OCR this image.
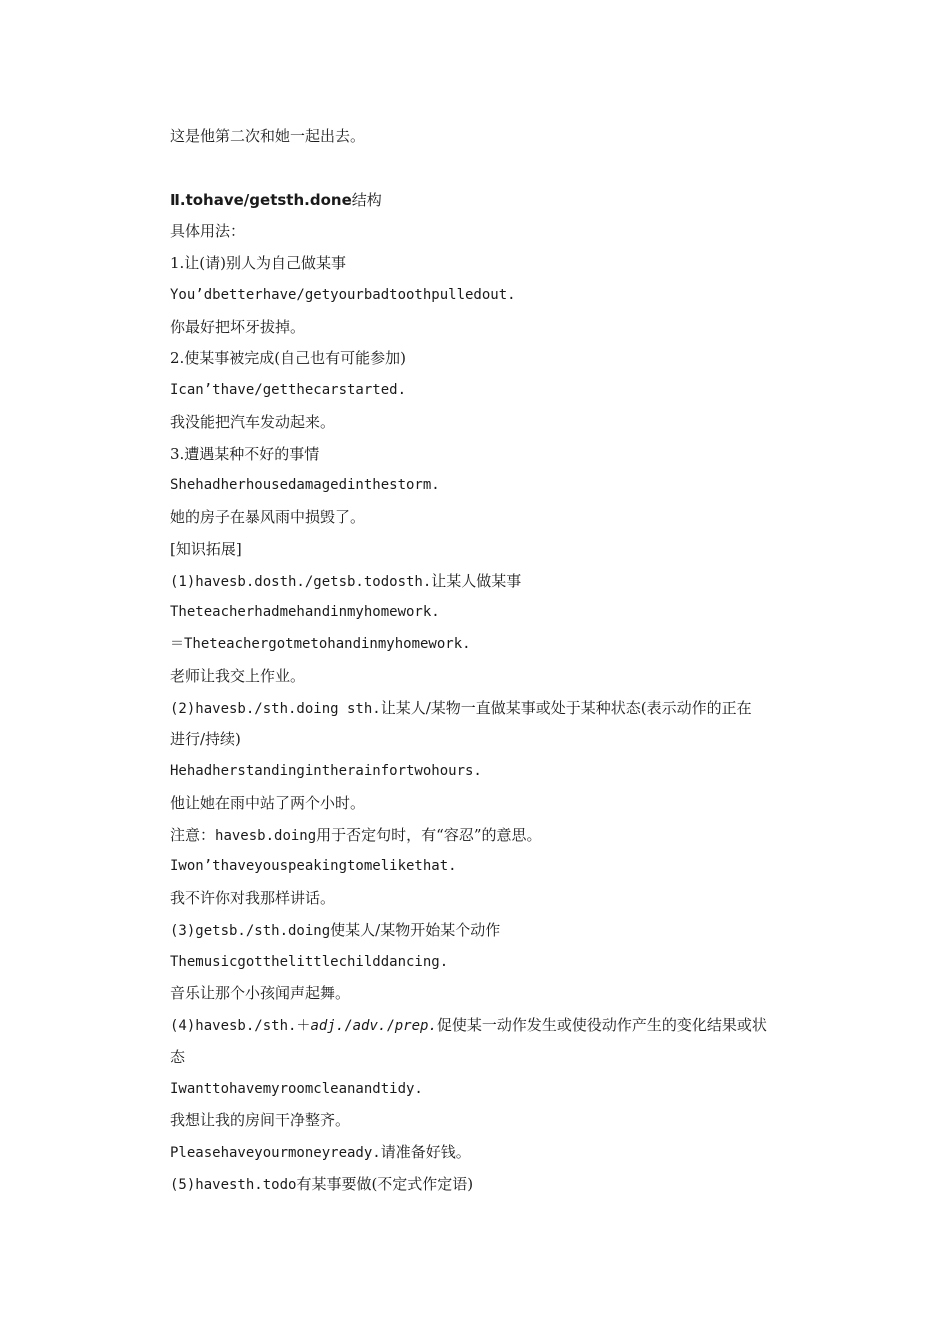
这是他第二次和她一起出去。
Ⅱ.tohave/getsth.done结构
具体用法：
1.让(请)别人为自己做某事
You’dbetterhave/getyourbadtoothpulledout.
你最好把坏牙拔掉。
2.使某事被完成(自己也有可能参加)
Ican’thave/getthecarstarted.
我没能把汽车发动起来。
3.遭遇某种不好的事情
Shehadherhousedamagedinthestorm.
她的房子在暴风雨中损毁了。
[知识拓展]
(1)havesb.dosth./getsb.todosth.让某人做某事
Theteacherhadmehandinmyhomework.
＝Theteachergotmetohandinmyhomework.
老师让我交上作业。
(2)havesb./sth.doing sth.让某人/某物一直做某事或处于某种状态(表示动作的正在
进行/持续)
Hehadherstandingintherainfortwohours.
他让她在雨中站了两个小时。
注意：havesb.doing用于否定句时，有“容忍”的意思。
Iwon’thaveyouspeakingtomelikethat.
我不许你对我那样讲话。
(3)getsb./sth.doing使某人/某物开始某个动作
Themusicgotthelittlechilddancing.
音乐让那个小孩闻声起舞。
(4)havesb./sth.＋adj./adv./prep.促使某一动作发生或使役动作产生的变化结果或状
态
Iwanttohavemyroomcleanandtidy.
我想让我的房间干净整齐。
Pleasehaveyourmoneyready.请准备好钱。
(5)havesth.todo有某事要做(不定式作定语)
